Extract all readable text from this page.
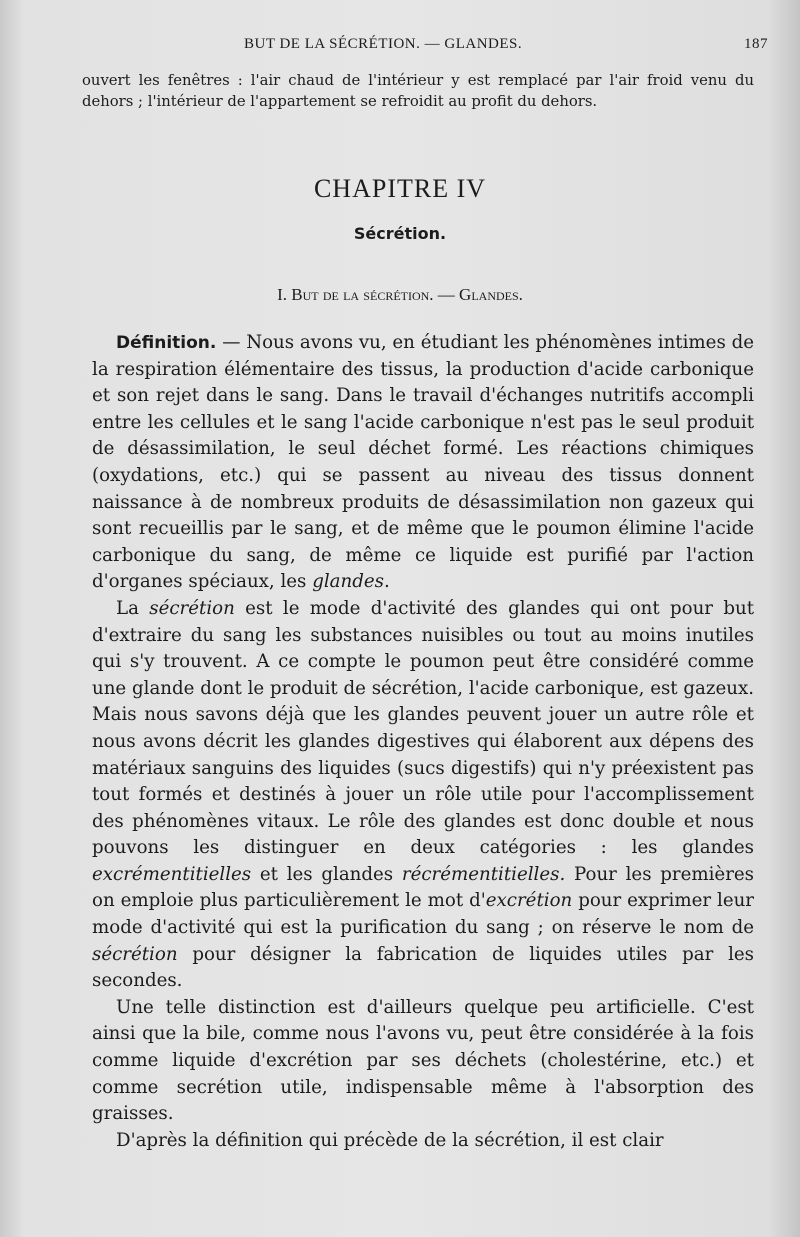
BUT DE LA SÉCRÉTION. — GLANDES.	187

ouvert les fenêtres : l'air chaud de l'intérieur y est remplacé par l'air froid venu du dehors ; l'intérieur de l'appartement se refroidit au profit du dehors.

CHAPITRE IV
Sécrétion.
I. But de la sécrétion. — Glandes.

Définition. — Nous avons vu, en étudiant les phénomènes intimes de la respiration élémentaire des tissus, la production d'acide carbonique et son rejet dans le sang. Dans le travail d'échanges nutritifs accompli entre les cellules et le sang l'acide carbonique n'est pas le seul produit de désassimilation, le seul déchet formé. Les réactions chimiques (oxydations, etc.) qui se passent au niveau des tissus donnent naissance à de nombreux produits de désassimilation non gazeux qui sont recueillis par le sang, et de même que le poumon élimine l'acide carbonique du sang, de même ce liquide est purifié par l'action d'organes spéciaux, les glandes.

La sécrétion est le mode d'activité des glandes qui ont pour but d'extraire du sang les substances nuisibles ou tout au moins inutiles qui s'y trouvent. A ce compte le poumon peut être considéré comme une glande dont le produit de sécrétion, l'acide carbonique, est gazeux. Mais nous savons déjà que les glandes peuvent jouer un autre rôle et nous avons décrit les glandes digestives qui élaborent aux dépens des matériaux sanguins des liquides (sucs digestifs) qui n'y préexistent pas tout formés et destinés à jouer un rôle utile pour l'accomplissement des phénomènes vitaux. Le rôle des glandes est donc double et nous pouvons les distinguer en deux catégories : les glandes excrémentitielles et les glandes récrémentitielles. Pour les premières on emploie plus particulièrement le mot d'excrétion pour exprimer leur mode d'activité qui est la purification du sang ; on réserve le nom de sécrétion pour désigner la fabrication de liquides utiles par les secondes.

Une telle distinction est d'ailleurs quelque peu artificielle. C'est ainsi que la bile, comme nous l'avons vu, peut être considérée à la fois comme liquide d'excrétion par ses déchets (cholestérine, etc.) et comme secrétion utile, indispensable même à l'absorption des graisses.

D'après la définition qui précède de la sécrétion, il est clair
